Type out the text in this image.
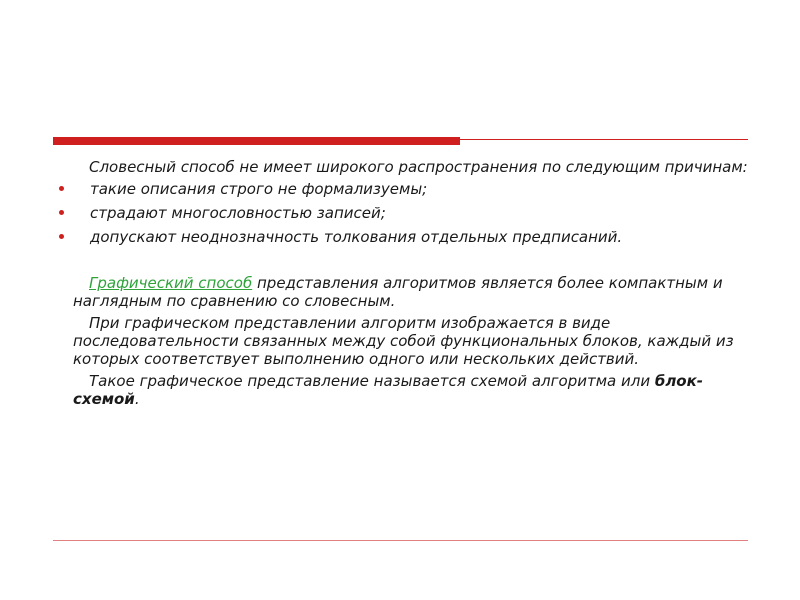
Словесный способ не имеет широкого распространения по следующим причинам:

такие описания строго не формализуемы;
страдают многословностью записей;
допускают неоднозначность толкования отдельных предписаний.

Графический способ представления алгоритмов является более компактным и наглядным по сравнению со словесным.

При графическом представлении алгоритм изображается в виде последовательности связанных между собой функциональных блоков, каждый из которых соответствует выполнению одного или нескольких действий.

Такое графическое представление называется схемой алгоритма или блок-схемой.
